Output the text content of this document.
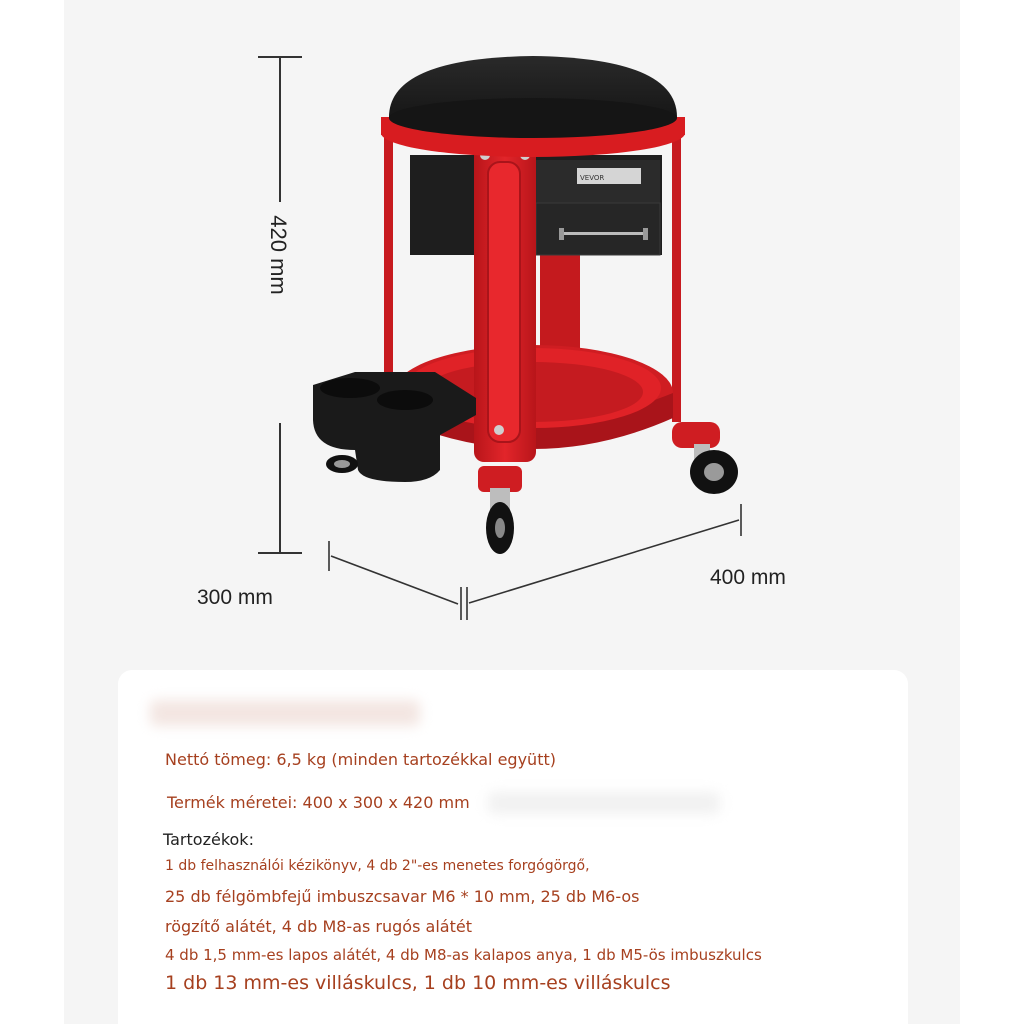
420 mm
300 mm
400 mm
VEVOR
Nettó tömeg: 6,5 kg (minden tartozékkal együtt)
Termék méretei: 400 x 300 x 420 mm
Tartozékok:
1 db felhasználói kézikönyv, 4 db 2"-es menetes forgógörgő,
25 db félgömbfejű imbuszcsavar M6 * 10 mm, 25 db M6-os
rögzítő alátét, 4 db M8-as rugós alátét
4 db 1,5 mm-es lapos alátét, 4 db M8-as kalapos anya, 1 db M5-ös imbuszkulcs
1 db 13 mm-es villáskulcs, 1 db 10 mm-es villáskulcs
